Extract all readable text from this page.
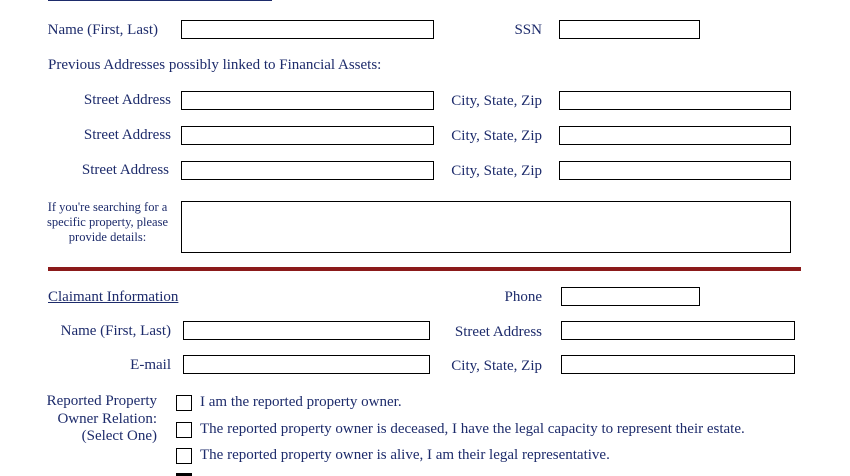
Name (First, Last)	SSN
Previous Addresses possibly linked to Financial Assets:
Street Address	City, State, Zip
Street Address	City, State, Zip
Street Address	City, State, Zip
If you're searching for a
specific property, please
provide details:
Claimant Information	Phone
Name (First, Last)	Street Address
E-mail	City, State, Zip
Reported Property
Owner Relation:
(Select One)
I am the reported property owner.
The reported property owner is deceased, I have the legal capacity to represent their estate.
The reported property owner is alive, I am their legal representative.
